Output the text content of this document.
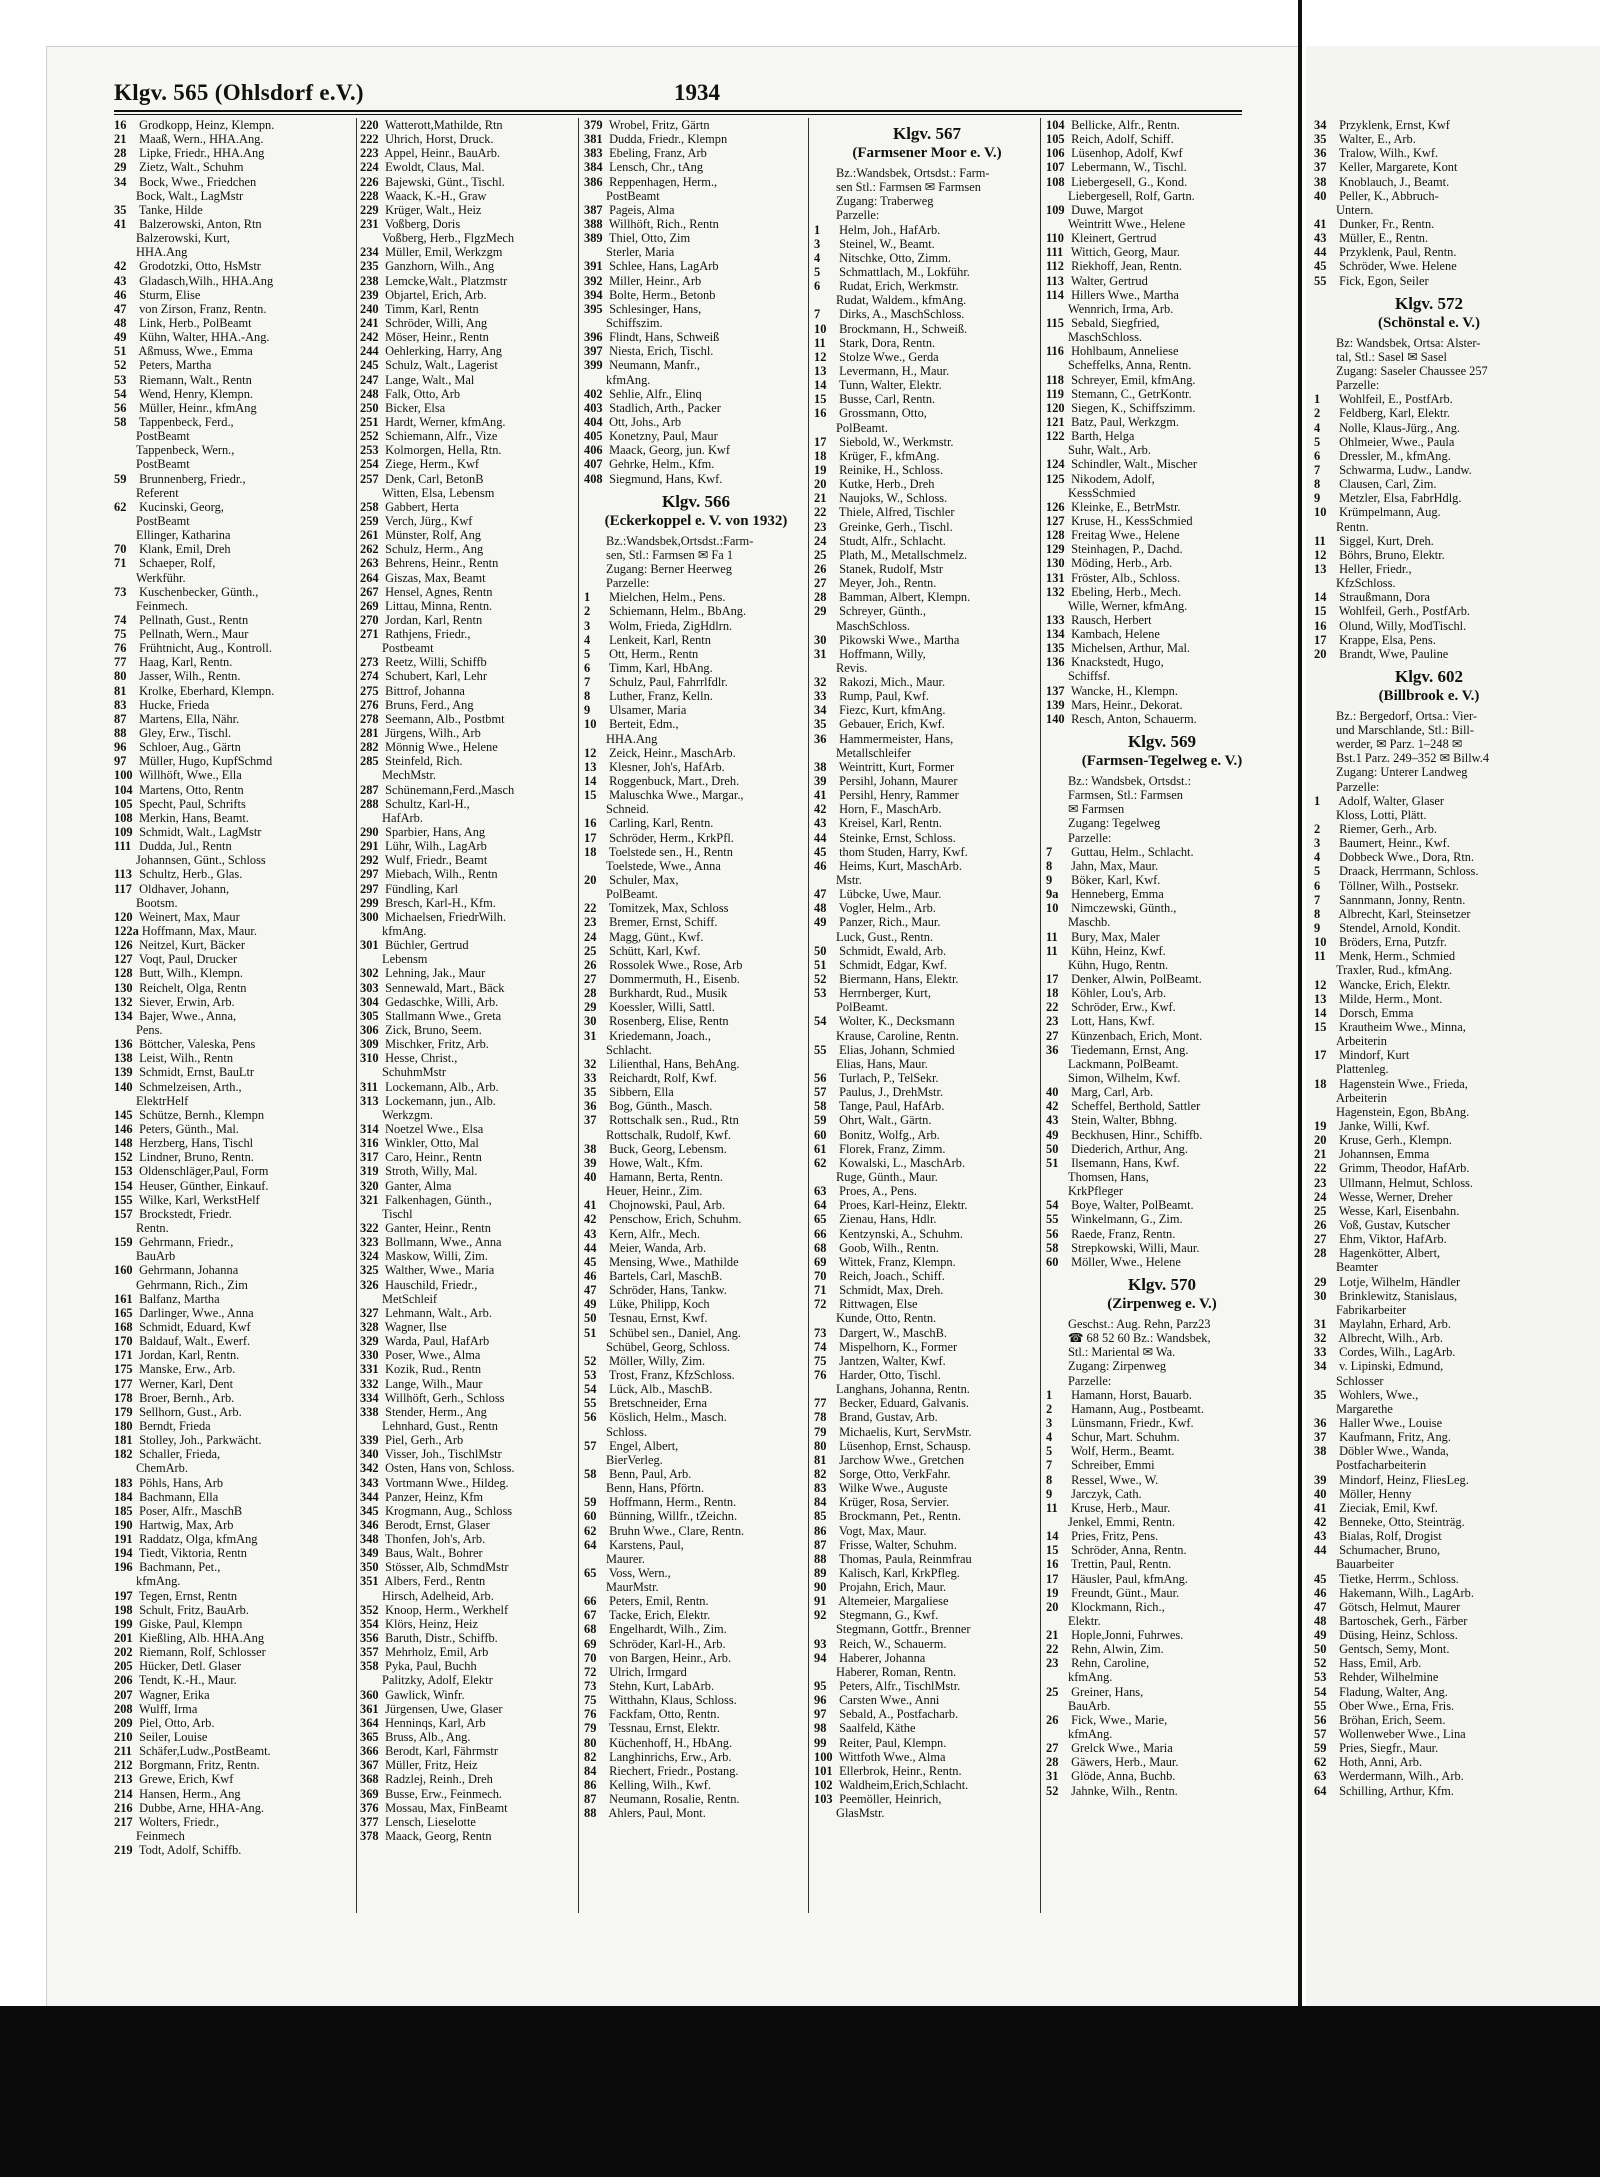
Klgv. 565 (Ohlsdorf e.V.)	1934
16 Grodkopp, Heinz, Klempn.
21 Maaß, Wern., HHA.Ang.
28 Lipke, Friedr., HHA.Ang
29 Zietz, Walt., Schuhm
34 Bock, Wwe., Friedchen
Bock, Walt., LagMstr
35 Tanke, Hilde
41 Balzerowski, Anton, Rtn
Balzerowski, Kurt,
HHA.Ang
42 Grodotzki, Otto, HsMstr
43 Gladasch,Wilh., HHA.Ang
46 Sturm, Elise
47 von Zirson, Franz, Rentn.
48 Link, Herb., PolBeamt
49 Kühn, Walter, HHA.-Ang.
51 Aßmuss, Wwe., Emma
52 Peters, Martha
53 Riemann, Walt., Rentn
54 Wend, Henry, Klempn.
56 Müller, Heinr., kfmAng
58 Tappenbeck, Ferd.,
PostBeamt
Tappenbeck, Wern.,
PostBeamt
59 Brunnenberg, Friedr.,
Referent
62 Kucinski, Georg,
PostBeamt
Ellinger, Katharina
70 Klank, Emil, Dreh
71 Schaeper, Rolf,
Werkführ.
73 Kuschenbecker, Günth.,
Feinmech.
74 Pellnath, Gust., Rentn
75 Pellnath, Wern., Maur
76 Frühtnicht, Aug., Kontroll.
77 Haag, Karl, Rentn.
80 Jasser, Wilh., Rentn.
81 Krolke, Eberhard, Klempn.
83 Hucke, Frieda
87 Martens, Ella, Nähr.
88 Gley, Erw., Tischl.
96 Schloer, Aug., Gärtn
97 Müller, Hugo, KupfSchmd
100 Willhöft, Wwe., Ella
104 Martens, Otto, Rentn
105 Specht, Paul, Schrifts
108 Merkin, Hans, Beamt.
109 Schmidt, Walt., LagMstr
111 Dudda, Jul., Rentn
Johannsen, Günt., Schloss
113 Schultz, Herb., Glas.
117 Oldhaver, Johann,
Bootsm.
120 Weinert, Max, Maur
122a Hoffmann, Max, Maur.
126 Neitzel, Kurt, Bäcker
127 Voqt, Paul, Drucker
128 Butt, Wilh., Klempn.
130 Reichelt, Olga, Rentn
132 Siever, Erwin, Arb.
134 Bajer, Wwe., Anna,
Pens.
136 Böttcher, Valeska, Pens
138 Leist, Wilh., Rentn
139 Schmidt, Ernst, BauLtr
140 Schmelzeisen, Arth.,
ElektrHelf
145 Schütze, Bernh., Klempn
146 Peters, Günth., Mal.
148 Herzberg, Hans, Tischl
152 Lindner, Bruno, Rentn.
153 Oldenschläger,Paul, Form
154 Heuser, Günther, Einkauf.
155 Wilke, Karl, WerkstHelf
157 Brockstedt, Friedr.
Rentn.
159 Gehrmann, Friedr.,
BauArb
160 Gehrmann, Johanna
Gehrmann, Rich., Zim
161 Balfanz, Martha
165 Darlinger, Wwe., Anna
168 Schmidt, Eduard, Kwf
170 Baldauf, Walt., Ewerf.
171 Jordan, Karl, Rentn.
175 Manske, Erw., Arb.
177 Werner, Karl, Dent
178 Broer, Bernh., Arb.
179 Sellhorn, Gust., Arb.
180 Berndt, Frieda
181 Stolley, Joh., Parkwächt.
182 Schaller, Frieda,
ChemArb.
183 Pöhls, Hans, Arb
184 Bachmann, Ella
185 Poser, Alfr., MaschB
190 Hartwig, Max, Arb
191 Raddatz, Olga, kfmAng
194 Tiedt, Viktoria, Rentn
196 Bachmann, Pet.,
kfmAng.
197 Tegen, Ernst, Rentn
198 Schult, Fritz, BauArb.
199 Giske, Paul, Klempn
201 Kießling, Alb. HHA.Ang
202 Riemann, Rolf, Schlosser
205 Hücker, Detl. Glaser
206 Tendt, K.-H., Maur.
207 Wagner, Erika
208 Wulff, Irma
209 Piel, Otto, Arb.
210 Seiler, Louise
211 Schäfer,Ludw.,PostBeamt.
212 Borgmann, Fritz, Rentn.
213 Grewe, Erich, Kwf
214 Hansen, Herm., Ang
216 Dubbe, Arne, HHA-Ang.
217 Wolters, Friedr.,
Feinmech
219 Todt, Adolf, Schiffb.
220 Watterott,Mathilde, Rtn
222 Uhrich, Horst, Druck.
223 Appel, Heinr., BauArb.
224 Ewoldt, Claus, Mal.
226 Bajewski, Günt., Tischl.
228 Waack, K.-H., Graw
229 Krüger, Walt., Heiz
231 Voßberg, Doris
Voßberg, Herb., FlgzMech
234 Müller, Emil, Werkzgm
235 Ganzhorn, Wilh., Ang
238 Lemcke,Walt., Platzmstr
239 Objartel, Erich, Arb.
240 Timm, Karl, Rentn
241 Schröder, Willi, Ang
242 Möser, Heinr., Rentn
244 Oehlerking, Harry, Ang
245 Schulz, Walt., Lagerist
247 Lange, Walt., Mal
248 Falk, Otto, Arb
250 Bicker, Elsa
251 Hardt, Werner, kfmAng.
252 Schiemann, Alfr., Vize
253 Kolmorgen, Hella, Rtn.
254 Ziege, Herm., Kwf
257 Denk, Carl, BetonB
Witten, Elsa, Lebensm
258 Gabbert, Herta
259 Verch, Jürg., Kwf
261 Münster, Rolf, Ang
262 Schulz, Herm., Ang
263 Behrens, Heinr., Rentn
264 Giszas, Max, Beamt
267 Hensel, Agnes, Rentn
269 Littau, Minna, Rentn.
270 Jordan, Karl, Rentn
271 Rathjens, Friedr.,
Postbeamt
273 Reetz, Willi, Schiffb
274 Schubert, Karl, Lehr
275 Bittrof, Johanna
276 Bruns, Ferd., Ang
278 Seemann, Alb., Postbmt
281 Jürgens, Wilh., Arb
282 Mönnig Wwe., Helene
285 Steinfeld, Rich.
MechMstr.
287 Schünemann,Ferd.,Masch
288 Schultz, Karl-H.,
HafArb.
290 Sparbier, Hans, Ang
291 Lühr, Wilh., LagArb
292 Wulf, Friedr., Beamt
297 Miebach, Wilh., Rentn
297 Fündling, Karl
299 Bresch, Karl-H., Kfm.
300 Michaelsen, FriedrWilh.
kfmAng.
301 Büchler, Gertrud
Lebensm
302 Lehning, Jak., Maur
303 Sennewald, Mart., Bäck
304 Gedaschke, Willi, Arb.
305 Stallmann Wwe., Greta
306 Zick, Bruno, Seem.
309 Mischker, Fritz, Arb.
310 Hesse, Christ.,
SchuhmMstr
311 Lockemann, Alb., Arb.
313 Lockemann, jun., Alb.
Werkzgm.
314 Noetzel Wwe., Elsa
316 Winkler, Otto, Mal
317 Caro, Heinr., Rentn
319 Stroth, Willy, Mal.
320 Ganter, Alma
321 Falkenhagen, Günth.,
Tischl
322 Ganter, Heinr., Rentn
323 Bollmann, Wwe., Anna
324 Maskow, Willi, Zim.
325 Walther, Wwe., Maria
326 Hauschild, Friedr.,
MetSchleif
327 Lehmann, Walt., Arb.
328 Wagner, Ilse
329 Warda, Paul, HafArb
330 Poser, Wwe., Alma
331 Kozik, Rud., Rentn
332 Lange, Wilh., Maur
334 Willhöft, Gerh., Schloss
338 Stender, Herm., Ang
Lehnhard, Gust., Rentn
339 Piel, Gerh., Arb
340 Visser, Joh., TischlMstr
342 Osten, Hans von, Schloss.
343 Vortmann Wwe., Hildeg.
344 Panzer, Heinz, Kfm
345 Krogmann, Aug., Schloss
346 Berodt, Ernst, Glaser
348 Thonfen, Joh's, Arb.
349 Baus, Walt., Bohrer
350 Stösser, Alb, SchmdMstr
351 Albers, Ferd., Rentn
Hirsch, Adelheid, Arb.
352 Knoop, Herm., Werkhelf
354 Klörs, Heinz, Heiz
356 Baruth, Distr., Schiffb.
357 Mehrholz, Emil, Arb
358 Pyka, Paul, Buchh
Palitzky, Adolf, Elektr
360 Gawlick, Winfr.
361 Jürgensen, Uwe, Glaser
364 Henninqs, Karl, Arb
365 Bruss, Alb., Ang.
366 Berodt, Karl, Fährmstr
367 Müller, Fritz, Heiz
368 Radzlej, Reinh., Dreh
369 Busse, Erw., Feinmech.
376 Mossau, Max, FinBeamt
377 Lensch, Lieselotte
378 Maack, Georg, Rentn
379 Wrobel, Fritz, Gärtn
381 Dudda, Friedr., Klempn
383 Ebeling, Franz, Arb
384 Lensch, Chr., tAng
386 Reppenhagen, Herm.,
PostBeamt
387 Pageis, Alma
388 Willhöft, Rich., Rentn
389 Thiel, Otto, Zim
Sterler, Maria
391 Schlee, Hans, LagArb
392 Miller, Heinr., Arb
394 Bolte, Herm., Betonb
395 Schlesinger, Hans,
Schiffszim.
396 Flindt, Hans, Schweiß
397 Niesta, Erich, Tischl.
399 Neumann, Manfr.,
kfmAng.
402 Sehlie, Alfr., Elinq
403 Stadlich, Arth., Packer
404 Ott, Johs., Arb
405 Konetzny, Paul, Maur
406 Maack, Georg, jun. Kwf
407 Gehrke, Helm., Kfm.
408 Siegmund, Hans, Kwf.
Klgv. 566
(Eckerkoppel e. V. von 1932)
Bz.:Wandsbek,Ortsdst.:Farm-
sen, Stl.: Farmsen ✉ Fa 1
Zugang: Berner Heerweg
Parzelle:
1 Mielchen, Helm., Pens.
2 Schiemann, Helm., BbAng.
3 Wolm, Frieda, ZigHdlrn.
4 Lenkeit, Karl, Rentn
5 Ott, Herm., Rentn
6 Timm, Karl, HbAng.
7 Schulz, Paul, Fahrrlfdlr.
8 Luther, Franz, Kelln.
9 Ulsamer, Maria
10 Berteit, Edm.,
HHA.Ang
12 Zeick, Heinr., MaschArb.
13 Klesner, Joh's, HafArb.
14 Roggenbuck, Mart., Dreh.
15 Maluschka Wwe., Margar.,
Schneid.
16 Carling, Karl, Rentn.
17 Schröder, Herm., KrkPfl.
18 Toelstede sen., H., Rentn
Toelstede, Wwe., Anna
20 Schuler, Max,
PolBeamt.
22 Tomitzek, Max, Schloss
23 Bremer, Ernst, Schiff.
24 Magg, Günt., Kwf.
25 Schütt, Karl, Kwf.
26 Rossolek Wwe., Rose, Arb
27 Dommermuth, H., Eisenb.
28 Burkhardt, Rud., Musik
29 Koessler, Willi, Sattl.
30 Rosenberg, Elise, Rentn
31 Kriedemann, Joach.,
Schlacht.
32 Lilienthal, Hans, BehAng.
33 Reichardt, Rolf, Kwf.
35 Sibbern, Ella
36 Bog, Günth., Masch.
37 Rottschalk sen., Rud., Rtn
Rottschalk, Rudolf, Kwf.
38 Buck, Georg, Lebensm.
39 Howe, Walt., Kfm.
40 Hamann, Berta, Rentn.
Heuer, Heinr., Zim.
41 Chojnowski, Paul, Arb.
42 Penschow, Erich, Schuhm.
43 Kern, Alfr., Mech.
44 Meier, Wanda, Arb.
45 Mensing, Wwe., Mathilde
46 Bartels, Carl, MaschB.
47 Schröder, Hans, Tankw.
49 Lüke, Philipp, Koch
50 Tesnau, Ernst, Kwf.
51 Schübel sen., Daniel, Ang.
Schübel, Georg, Schloss.
52 Möller, Willy, Zim.
53 Trost, Franz, KfzSchloss.
54 Lück, Alb., MaschB.
55 Bretschneider, Erna
56 Köslich, Helm., Masch.
Schloss.
57 Engel, Albert,
BierVerleg.
58 Benn, Paul, Arb.
Benn, Hans, Pförtn.
59 Hoffmann, Herm., Rentn.
60 Bünning, Willfr., tZeichn.
62 Bruhn Wwe., Clare, Rentn.
64 Karstens, Paul,
Maurer.
65 Voss, Wern.,
MaurMstr.
66 Peters, Emil, Rentn.
67 Tacke, Erich, Elektr.
68 Engelhardt, Wilh., Zim.
69 Schröder, Karl-H., Arb.
70 von Bargen, Heinr., Arb.
72 Ulrich, Irmgard
73 Stehn, Kurt, LabArb.
75 Witthahn, Klaus, Schloss.
76 Fackfam, Otto, Rentn.
79 Tessnau, Ernst, Elektr.
80 Küchenhoff, H., HbAng.
82 Langhinrichs, Erw., Arb.
84 Riechert, Friedr., Postang.
86 Kelling, Wilh., Kwf.
87 Neumann, Rosalie, Rentn.
88 Ahlers, Paul, Mont.
Klgv. 567
(Farmsener Moor e. V.)
Bz.:Wandsbek, Ortsdst.: Farm-
sen Stl.: Farmsen ✉ Farmsen
Zugang: Traberweg
Parzelle:
1 Helm, Joh., HafArb.
3 Steinel, W., Beamt.
4 Nitschke, Otto, Zimm.
5 Schmattlach, M., Lokführ.
6 Rudat, Erich, Werkmstr.
Rudat, Waldem., kfmAng.
7 Dirks, A., MaschSchloss.
10 Brockmann, H., Schweiß.
11 Stark, Dora, Rentn.
12 Stolze Wwe., Gerda
13 Levermann, H., Maur.
14 Tunn, Walter, Elektr.
15 Busse, Carl, Rentn.
16 Grossmann, Otto,
PolBeamt.
17 Siebold, W., Werkmstr.
18 Krüger, F., kfmAng.
19 Reinike, H., Schloss.
20 Kutke, Herb., Dreh
21 Naujoks, W., Schloss.
22 Thiele, Alfred, Tischler
23 Greinke, Gerh., Tischl.
24 Studt, Alfr., Schlacht.
25 Plath, M., Metallschmelz.
26 Stanek, Rudolf, Mstr
27 Meyer, Joh., Rentn.
28 Bamman, Albert, Klempn.
29 Schreyer, Günth.,
MaschSchloss.
30 Pikowski Wwe., Martha
31 Hoffmann, Willy,
Revis.
32 Rakozi, Mich., Maur.
33 Rump, Paul, Kwf.
34 Fiezc, Kurt, kfmAng.
35 Gebauer, Erich, Kwf.
36 Hammermeister, Hans,
Metallschleifer
38 Weintritt, Kurt, Former
39 Persihl, Johann, Maurer
41 Persihl, Henry, Rammer
42 Horn, F., MaschArb.
43 Kreisel, Karl, Rentn.
44 Steinke, Ernst, Schloss.
45 thom Studen, Harry, Kwf.
46 Heims, Kurt, MaschArb.
Mstr.
47 Lübcke, Uwe, Maur.
48 Vogler, Helm., Arb.
49 Panzer, Rich., Maur.
Luck, Gust., Rentn.
50 Schmidt, Ewald, Arb.
51 Schmidt, Edgar, Kwf.
52 Biermann, Hans, Elektr.
53 Herrnberger, Kurt,
PolBeamt.
54 Wolter, K., Decksmann
Krause, Caroline, Rentn.
55 Elias, Johann, Schmied
Elias, Hans, Maur.
56 Turlach, P., TelSekr.
57 Paulus, J., DrehMstr.
58 Tange, Paul, HafArb.
59 Ohrt, Walt., Gärtn.
60 Bonitz, Wolfg., Arb.
61 Florek, Franz, Zimm.
62 Kowalski, L., MaschArb.
Ruge, Günth., Maur.
63 Proes, A., Pens.
64 Proes, Karl-Heinz, Elektr.
65 Zienau, Hans, Hdlr.
66 Kentzynski, A., Schuhm.
68 Goob, Wilh., Rentn.
69 Wittek, Franz, Klempn.
70 Reich, Joach., Schiff.
71 Schmidt, Max, Dreh.
72 Rittwagen, Else
Kunde, Otto, Rentn.
73 Dargert, W., MaschB.
74 Mispelhorn, K., Former
75 Jantzen, Walter, Kwf.
76 Harder, Otto, Tischl.
Langhans, Johanna, Rentn.
77 Becker, Eduard, Galvanis.
78 Brand, Gustav, Arb.
79 Michaelis, Kurt, ServMstr.
80 Lüsenhop, Ernst, Schausp.
81 Jarchow Wwe., Gretchen
82 Sorge, Otto, VerkFahr.
83 Wilke Wwe., Auguste
84 Krüger, Rosa, Servier.
85 Brockmann, Pet., Rentn.
86 Vogt, Max, Maur.
87 Frisse, Walter, Schuhm.
88 Thomas, Paula, Reinmfrau
89 Kalisch, Karl, KrkPfleg.
90 Projahn, Erich, Maur.
91 Altemeier, Margaliese
92 Stegmann, G., Kwf.
Stegmann, Gottfr., Brenner
93 Reich, W., Schauerm.
94 Haberer, Johanna
Haberer, Roman, Rentn.
95 Peters, Alfr., TischlMstr.
96 Carsten Wwe., Anni
97 Sebald, A., Postfacharb.
98 Saalfeld, Käthe
99 Reiter, Paul, Klempn.
100 Wittfoth Wwe., Alma
101 Ellerbrok, Heinr., Rentn.
102 Waldheim,Erich,Schlacht.
103 Peemöller, Heinrich,
GlasMstr.
104 Bellicke, Alfr., Rentn.
105 Reich, Adolf, Schiff.
106 Lüsenhop, Adolf, Kwf
107 Lebermann, W., Tischl.
108 Liebergesell, G., Kond.
Liebergesell, Rolf, Gartn.
109 Duwe, Margot
Weintritt Wwe., Helene
110 Kleinert, Gertrud
111 Wittich, Georg, Maur.
112 Riekhoff, Jean, Rentn.
113 Walter, Gertrud
114 Hillers Wwe., Martha
Wennrich, Irma, Arb.
115 Sebald, Siegfried,
MaschSchloss.
116 Hohlbaum, Anneliese
Scheffelks, Anna, Rentn.
118 Schreyer, Emil, kfmAng.
119 Stemann, C., GetrKontr.
120 Siegen, K., Schiffszimm.
121 Batz, Paul, Werkzgm.
122 Barth, Helga
Suhr, Walt., Arb.
124 Schindler, Walt., Mischer
125 Nikodem, Adolf,
KessSchmied
126 Kleinke, E., BetrMstr.
127 Kruse, H., KessSchmied
128 Freitag Wwe., Helene
129 Steinhagen, P., Dachd.
130 Möding, Herb., Arb.
131 Fröster, Alb., Schloss.
132 Ebeling, Herb., Mech.
Wille, Werner, kfmAng.
133 Rausch, Herbert
134 Kambach, Helene
135 Michelsen, Arthur, Mal.
136 Knackstedt, Hugo,
Schiffsf.
137 Wancke, H., Klempn.
139 Mars, Heinr., Dekorat.
140 Resch, Anton, Schauerm.
Klgv. 569
(Farmsen-Tegelweg e. V.)
Bz.: Wandsbek, Ortsdst.:
Farmsen, Stl.: Farmsen
✉ Farmsen
Zugang: Tegelweg
Parzelle:
7 Guttau, Helm., Schlacht.
8 Jahn, Max, Maur.
9 Böker, Karl, Kwf.
9a Henneberg, Emma
10 Nimczewski, Günth.,
Maschb.
11 Bury, Max, Maler
11 Kühn, Heinz, Kwf.
Kühn, Hugo, Rentn.
17 Denker, Alwin, PolBeamt.
18 Köhler, Lou's, Arb.
22 Schröder, Erw., Kwf.
23 Lott, Hans, Kwf.
27 Künzenbach, Erich, Mont.
36 Tiedemann, Ernst, Ang.
Lackmann, PolBeamt.
Simon, Wilhelm, Kwf.
40 Marg, Carl, Arb.
42 Scheffel, Berthold, Sattler
43 Stein, Walter, Bbhng.
49 Beckhusen, Hinr., Schiffb.
50 Diederich, Arthur, Ang.
51 Ilsemann, Hans, Kwf.
Thomsen, Hans,
KrkPfleger
54 Boye, Walter, PolBeamt.
55 Winkelmann, G., Zim.
56 Raede, Franz, Rentn.
58 Strepkowski, Willi, Maur.
60 Möller, Wwe., Helene
Klgv. 570
(Zirpenweg e. V.)
Geschst.: Aug. Rehn, Parz23
☎ 68 52 60 Bz.: Wandsbek,
Stl.: Mariental ✉ Wa.
Zugang: Zirpenweg
Parzelle:
1 Hamann, Horst, Bauarb.
2 Hamann, Aug., Postbeamt.
3 Lünsmann, Friedr., Kwf.
4 Schur, Mart. Schuhm.
5 Wolf, Herm., Beamt.
7 Schreiber, Emmi
8 Ressel, Wwe., W.
9 Jarczyk, Cath.
11 Kruse, Herb., Maur.
Jenkel, Emmi, Rentn.
14 Pries, Fritz, Pens.
15 Schröder, Anna, Rentn.
16 Trettin, Paul, Rentn.
17 Häusler, Paul, kfmAng.
19 Freundt, Günt., Maur.
20 Klockmann, Rich.,
Elektr.
21 Hople,Jonni, Fuhrwes.
22 Rehn, Alwin, Zim.
23 Rehn, Caroline,
kfmAng.
25 Greiner, Hans,
BauArb.
26 Fick, Wwe., Marie,
kfmAng.
27 Grelck Wwe., Maria
28 Gäwers, Herb., Maur.
31 Glöde, Anna, Buchb.
52 Jahnke, Wilh., Rentn.
34 Przyklenk, Ernst, Kwf
35 Walter, E., Arb.
36 Tralow, Wilh., Kwf.
37 Keller, Margarete, Kont
38 Knoblauch, J., Beamt.
40 Peller, K., Abbruch-
Untern.
41 Dunker, Fr., Rentn.
43 Müller, E., Rentn.
44 Przyklenk, Paul, Rentn.
45 Schröder, Wwe. Helene
55 Fick, Egon, Seiler
Klgv. 572
(Schönstal e. V.)
Bz: Wandsbek, Ortsa: Alster-
tal, Stl.: Sasel ✉ Sasel
Zugang: Saseler Chaussee 257
Parzelle:
1 Wohlfeil, E., PostfArb.
2 Feldberg, Karl, Elektr.
4 Nolle, Klaus-Jürg., Ang.
5 Ohlmeier, Wwe., Paula
6 Dressler, M., kfmAng.
7 Schwarma, Ludw., Landw.
8 Clausen, Carl, Zim.
9 Metzler, Elsa, FabrHdlg.
10 Krümpelmann, Aug.
Rentn.
11 Siggel, Kurt, Dreh.
12 Böhrs, Bruno, Elektr.
13 Heller, Friedr.,
KfzSchloss.
14 Straußmann, Dora
15 Wohlfeil, Gerh., PostfArb.
16 Olund, Willy, ModTischl.
17 Krappe, Elsa, Pens.
20 Brandt, Wwe, Pauline
Klgv. 602
(Billbrook e. V.)
Bz.: Bergedorf, Ortsa.: Vier-
und Marschlande, Stl.: Bill-
werder, ✉ Parz. 1–248 ✉
Bst.1 Parz. 249–352 ✉ Billw.4
Zugang: Unterer Landweg
Parzelle:
1 Adolf, Walter, Glaser
Kloss, Lotti, Plätt.
2 Riemer, Gerh., Arb.
3 Baumert, Heinr., Kwf.
4 Dobbeck Wwe., Dora, Rtn.
5 Draack, Herrmann, Schloss.
6 Töllner, Wilh., Postsekr.
7 Sannmann, Jonny, Rentn.
8 Albrecht, Karl, Steinsetzer
9 Stendel, Arnold, Kondit.
10 Bröders, Erna, Putzfr.
11 Menk, Herm., Schmied
Traxler, Rud., kfmAng.
12 Wancke, Erich, Elektr.
13 Milde, Herm., Mont.
14 Dorsch, Emma
15 Krautheim Wwe., Minna,
Arbeiterin
17 Mindorf, Kurt
Plattenleg.
18 Hagenstein Wwe., Frieda,
Arbeiterin
Hagenstein, Egon, BbAng.
19 Janke, Willi, Kwf.
20 Kruse, Gerh., Klempn.
21 Johannsen, Emma
22 Grimm, Theodor, HafArb.
23 Ullmann, Helmut, Schloss.
24 Wesse, Werner, Dreher
25 Wesse, Karl, Eisenbahn.
26 Voß, Gustav, Kutscher
27 Ehm, Viktor, HafArb.
28 Hagenkötter, Albert,
Beamter
29 Lotje, Wilhelm, Händler
30 Brinklewitz, Stanislaus,
Fabrikarbeiter
31 Maylahn, Erhard, Arb.
32 Albrecht, Wilh., Arb.
33 Cordes, Wilh., LagArb.
34 v. Lipinski, Edmund,
Schlosser
35 Wohlers, Wwe.,
Margarethe
36 Haller Wwe., Louise
37 Kaufmann, Fritz, Ang.
38 Döbler Wwe., Wanda,
Postfacharbeiterin
39 Mindorf, Heinz, FliesLeg.
40 Möller, Henny
41 Zieciak, Emil, Kwf.
42 Benneke, Otto, Steinträg.
43 Bialas, Rolf, Drogist
44 Schumacher, Bruno,
Bauarbeiter
45 Tietke, Herrm., Schloss.
46 Hakemann, Wilh., LagArb.
47 Götsch, Helmut, Maurer
48 Bartoschek, Gerh., Färber
49 Düsing, Heinz, Schloss.
50 Gentsch, Semy, Mont.
52 Hass, Emil, Arb.
53 Rehder, Wilhelmine
54 Fladung, Walter, Ang.
55 Ober Wwe., Erna, Fris.
56 Bröhan, Erich, Seem.
57 Wollenweber Wwe., Lina
59 Pries, Siegfr., Maur.
62 Hoth, Anni, Arb.
63 Werdermann, Wilh., Arb.
64 Schilling, Arthur, Kfm.
